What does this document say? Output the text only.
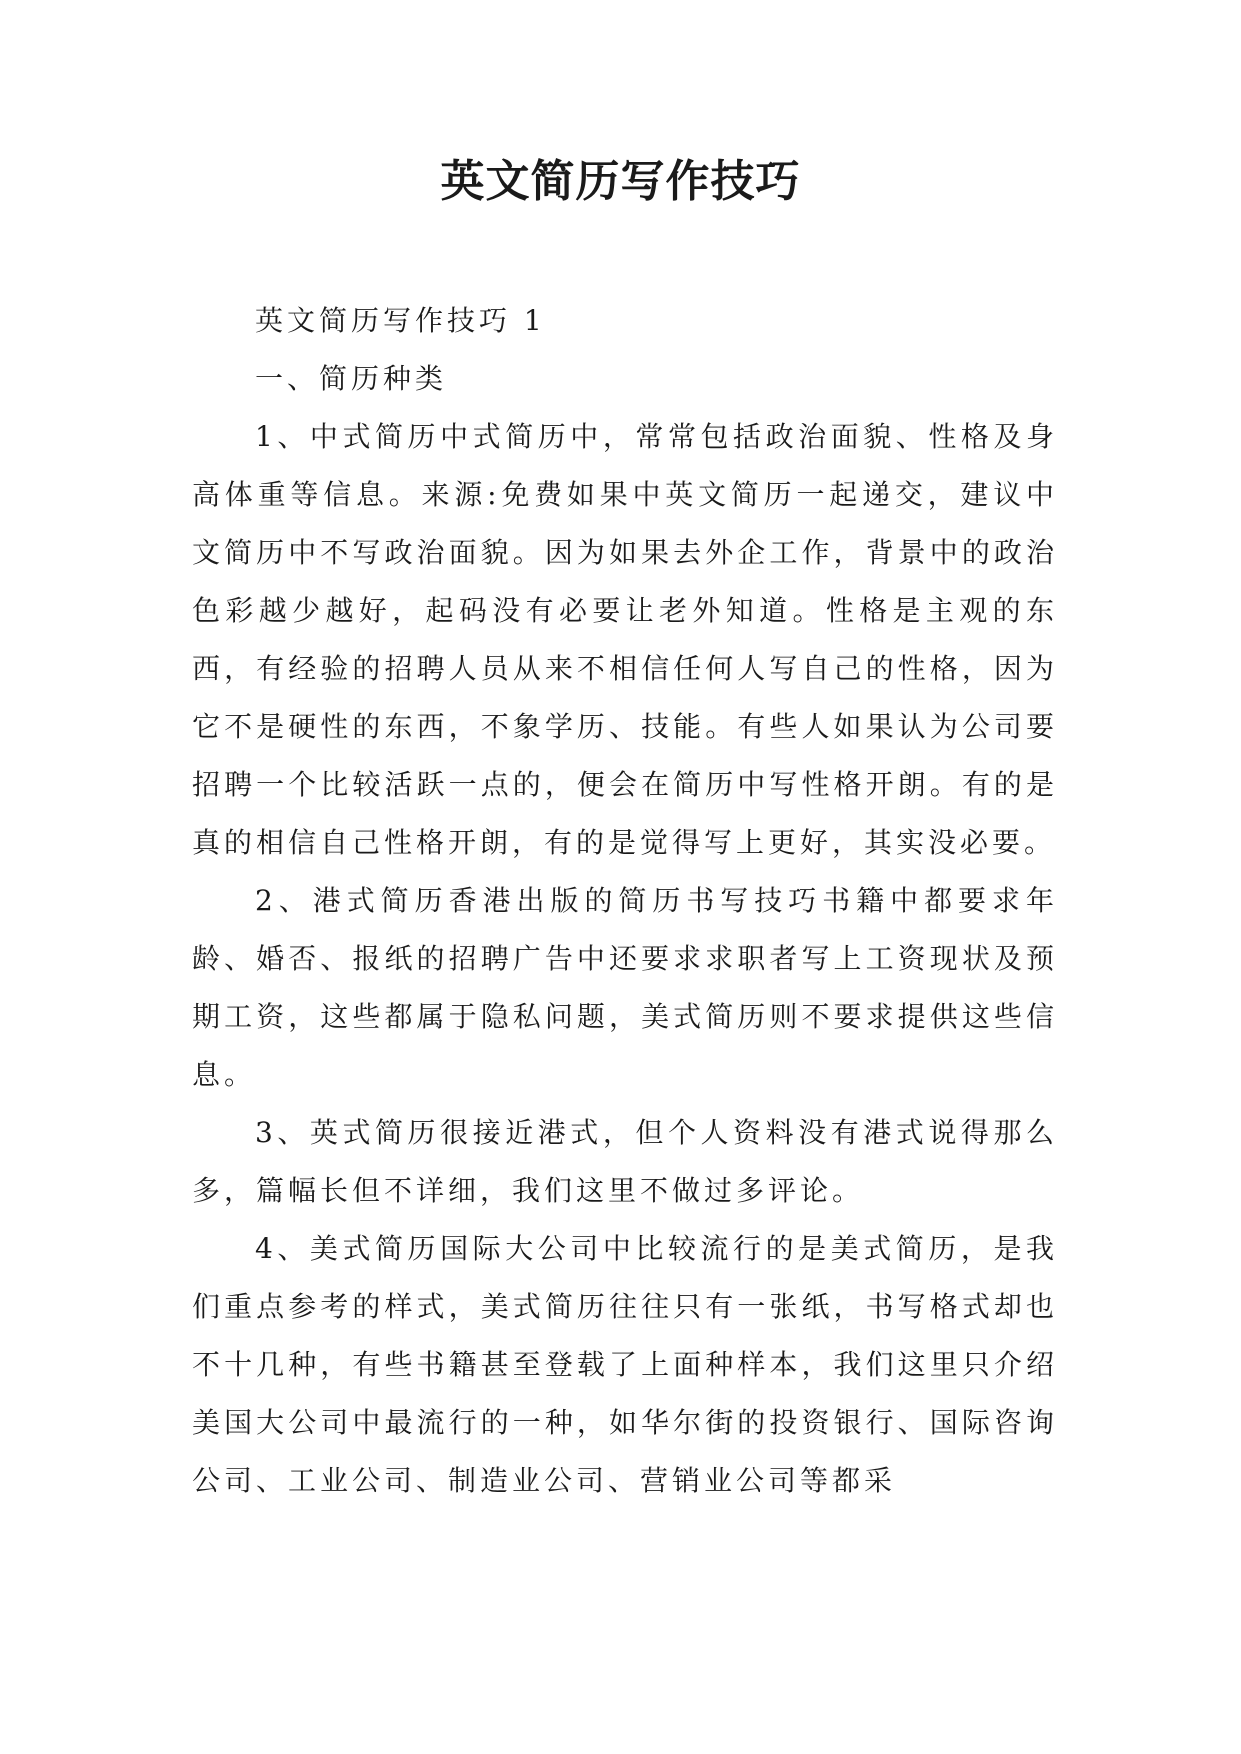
英文简历写作技巧

英文简历写作技巧 1

一、简历种类

1、中式简历中式简历中，常常包括政治面貌、性格及身高体重等信息。来源:免费如果中英文简历一起递交，建议中文简历中不写政治面貌。因为如果去外企工作，背景中的政治色彩越少越好，起码没有必要让老外知道。性格是主观的东西，有经验的招聘人员从来不相信任何人写自己的性格，因为它不是硬性的东西，不象学历、技能。有些人如果认为公司要招聘一个比较活跃一点的，便会在简历中写性格开朗。有的是真的相信自己性格开朗，有的是觉得写上更好，其实没必要。

2、港式简历香港出版的简历书写技巧书籍中都要求年龄、婚否、报纸的招聘广告中还要求求职者写上工资现状及预期工资，这些都属于隐私问题，美式简历则不要求提供这些信息。

3、英式简历很接近港式，但个人资料没有港式说得那么多，篇幅长但不详细，我们这里不做过多评论。

4、美式简历国际大公司中比较流行的是美式简历，是我们重点参考的样式，美式简历往往只有一张纸，书写格式却也不十几种，有些书籍甚至登载了上面种样本，我们这里只介绍美国大公司中最流行的一种，如华尔街的投资银行、国际咨询公司、工业公司、制造业公司、营销业公司等都采
